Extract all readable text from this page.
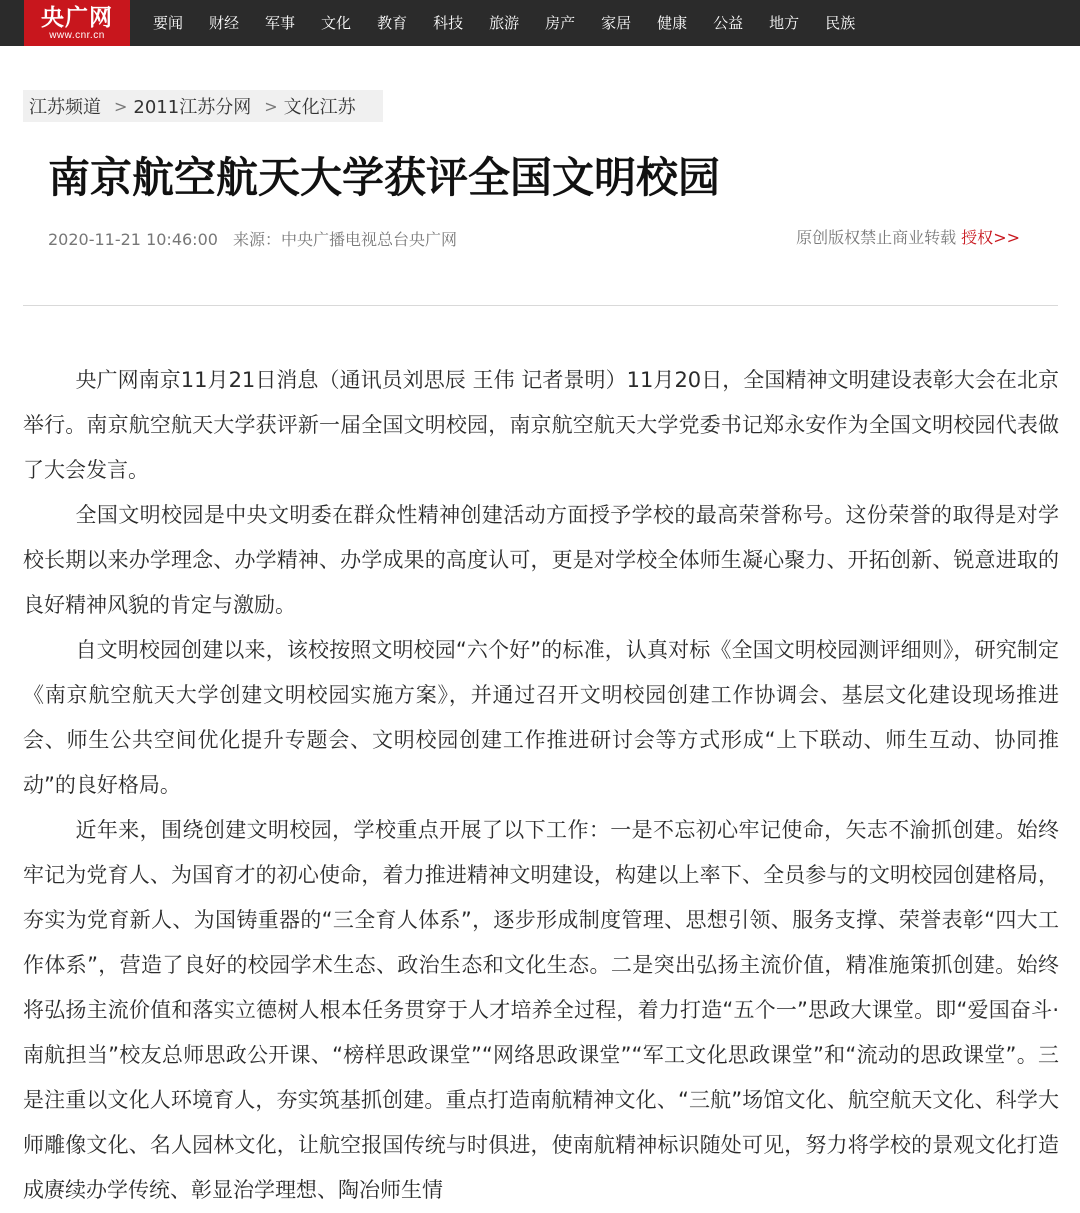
央广网
www.cnr.cn
要闻 财经 军事 文化 教育 科技 旅游 房产 家居 健康 公益 地方 民族
江苏频道 > 2011江苏分网 > 文化江苏
南京航空航天大学获评全国文明校园
2020-11-21 10:46:00 来源：中央广播电视总台央广网	原创版权禁止商业转载 授权>>

央广网南京11月21日消息（通讯员刘思辰 王伟 记者景明）11月20日，全国精神文明建设表彰大会在北京举行。南京航空航天大学获评新一届全国文明校园，南京航空航天大学党委书记郑永安作为全国文明校园代表做了大会发言。

全国文明校园是中央文明委在群众性精神创建活动方面授予学校的最高荣誉称号。这份荣誉的取得是对学校长期以来办学理念、办学精神、办学成果的高度认可，更是对学校全体师生凝心聚力、开拓创新、锐意进取的良好精神风貌的肯定与激励。

自文明校园创建以来，该校按照文明校园“六个好”的标准，认真对标《全国文明校园测评细则》，研究制定《南京航空航天大学创建文明校园实施方案》，并通过召开文明校园创建工作协调会、基层文化建设现场推进会、师生公共空间优化提升专题会、文明校园创建工作推进研讨会等方式形成“上下联动、师生互动、协同推动”的良好格局。

近年来，围绕创建文明校园，学校重点开展了以下工作：一是不忘初心牢记使命，矢志不渝抓创建。始终牢记为党育人、为国育才的初心使命，着力推进精神文明建设，构建以上率下、全员参与的文明校园创建格局，夯实为党育新人、为国铸重器的“三全育人体系”，逐步形成制度管理、思想引领、服务支撑、荣誉表彰“四大工作体系”，营造了良好的校园学术生态、政治生态和文化生态。二是突出弘扬主流价值，精准施策抓创建。始终将弘扬主流价值和落实立德树人根本任务贯穿于人才培养全过程，着力打造“五个一”思政大课堂。即“爱国奋斗·南航担当”校友总师思政公开课、“榜样思政课堂”“网络思政课堂”“军工文化思政课堂”和“流动的思政课堂”。三是注重以文化人环境育人，夯实筑基抓创建。重点打造南航精神文化、“三航”场馆文化、航空航天文化、科学大师雕像文化、名人园林文化，让航空报国传统与时俱进，使南航精神标识随处可见，努力将学校的景观文化打造成赓续办学传统、彰显治学理想、陶冶师生情
